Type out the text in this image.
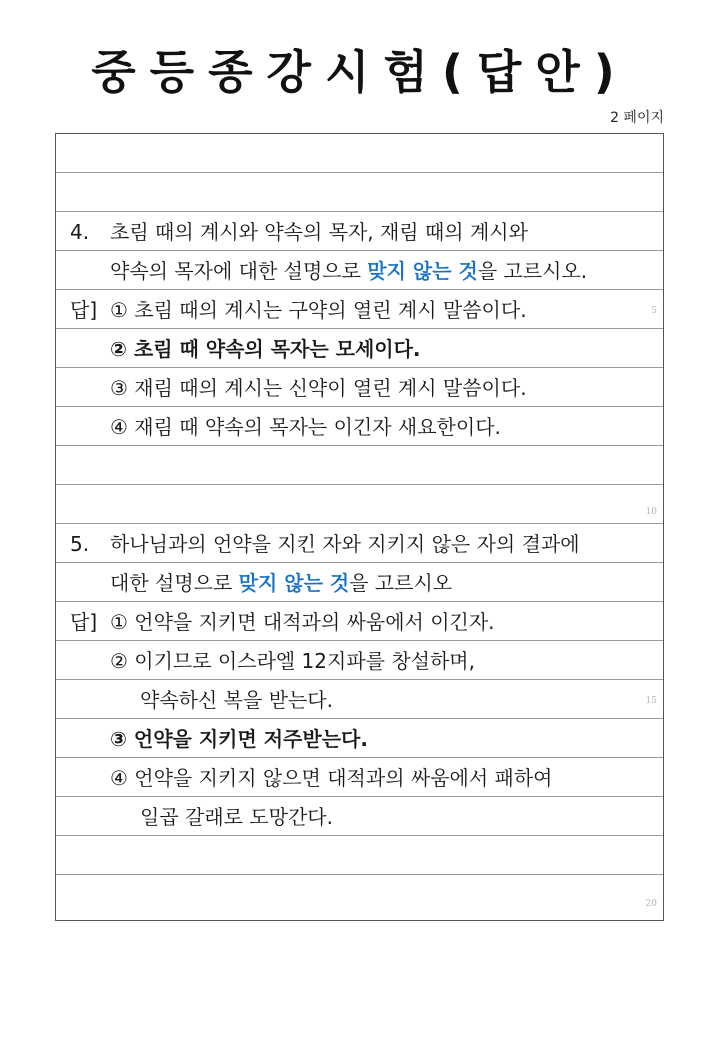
중등종강시험(답안)
2 페이지
4. 초림 때의 계시와 약속의 목자, 재림 때의 계시와
약속의 목자에 대한 설명으로 맞지 않는 것을 고르시오.
답] ① 초림 때의 계시는 구약의 열린 계시 말씀이다.	5
② 초림 때 약속의 목자는 모세이다.
③ 재림 때의 계시는 신약이 열린 계시 말씀이다.
④ 재림 때 약속의 목자는 이긴자 새요한이다.
10
5. 하나님과의 언약을 지킨 자와 지키지 않은 자의 결과에
대한 설명으로 맞지 않는 것을 고르시오
답] ① 언약을 지키면 대적과의 싸움에서 이긴자.
② 이기므로 이스라엘 12지파를 창설하며,
약속하신 복을 받는다.	15
③ 언약을 지키면 저주받는다.
④ 언약을 지키지 않으면 대적과의 싸움에서 패하여
일곱 갈래로 도망간다.
20
